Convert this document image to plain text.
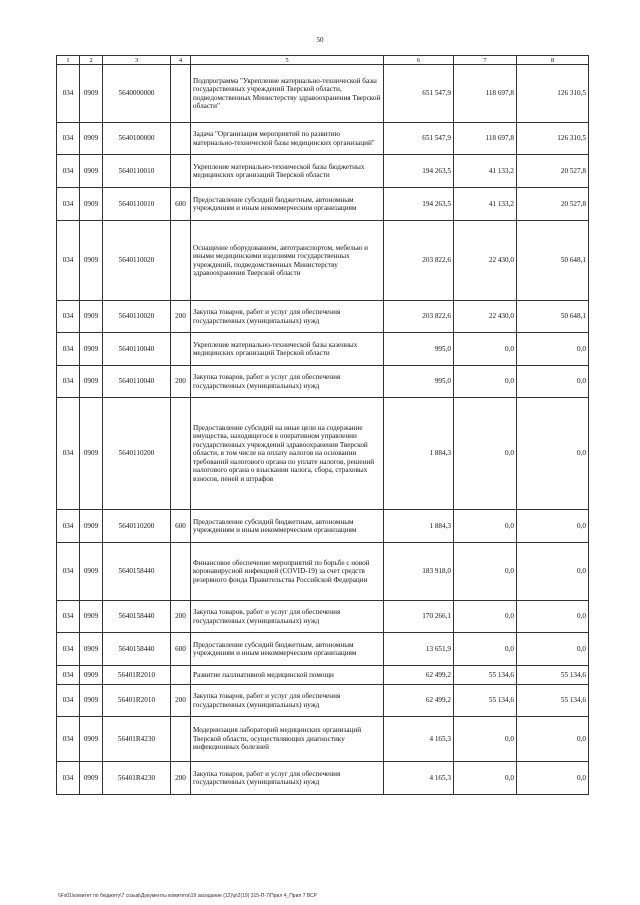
50
1	2	3	4	5	6	7	8
034	0909	5640000000		Подпрограмма "Укрепление материально-технической базы государственных учреждений Тверской области, подведомственных Министерству здравоохранения Тверской области"	651 547,9	118 697,8	126 310,5
034	0909	5640100000		Задача "Организация мероприятий по развитию материально-технической базы медицинских организаций"	651 547,9	118 697,8	126 310,5
034	0909	5640110010		Укрепление материально-технической базы бюджетных медицинских организаций Тверской области	194 263,5	41 133,2	20 527,8
034	0909	5640110010	600	Предоставление субсидий бюджетным, автономным учреждениям и иным некоммерческим организациям	194 263,5	41 133,2	20 527,8
034	0909	5640110020		Оснащение оборудованием, автотранспортом, мебелью и иными медицинскими изделиями государственных учреждений, подведомственных Министерству здравоохранения Тверской области	203 822,6	22 430,0	50 648,1
034	0909	5640110020	200	Закупка товаров, работ и услуг для обеспечения государственных (муниципальных) нужд	203 822,6	22 430,0	50 648,1
034	0909	5640110040		Укрепление материально-технической базы казенных медицинских организаций Тверской области	995,0	0,0	0,0
034	0909	5640110040	200	Закупка товаров, работ и услуг для обеспечения государственных (муниципальных) нужд	995,0	0,0	0,0
034	0909	5640110200		Предоставление субсидий на иные цели на содержание имущества, находящегося в оперативном управлении государственных учреждений здравоохранения Тверской области, в том числе на оплату налогов на основании требований налогового органа по уплате налогов, решений налогового органа о взыскании налога, сбора, страховых взносов, пеней и штрафов	1 884,3	0,0	0,0
034	0909	5640110200	600	Предоставление субсидий бюджетным, автономным учреждениям и иным некоммерческим организациям	1 884,3	0,0	0,0
034	0909	5640158440		Финансовое обеспечение мероприятий по борьбе с новой коронавирусной инфекцией (COVID-19) за счет средств резервного фонда Правительства Российской Федерации	183 918,0	0,0	0,0
034	0909	5640158440	200	Закупка товаров, работ и услуг для обеспечения государственных (муниципальных) нужд	170 266,1	0,0	0,0
034	0909	5640158440	600	Предоставление субсидий бюджетным, автономным учреждениям и иным некоммерческим организациям	13 651,9	0,0	0,0
034	0909	56401R2010		Развитие паллиативной медицинской помощи	62 499,2	55 134,6	55 134,6
034	0909	56401R2010	200	Закупка товаров, работ и услуг для обеспечения государственных (муниципальных) нужд	62 499,2	55 134,6	55 134,6
034	0909	56401R4230		Модернизация лабораторий медицинских организаций Тверской области, осуществляющих диагностику инфекционных болезней	4 165,3	0,0	0,0
034	0909	56401R4230	200	Закупка товаров, работ и услуг для обеспечения государственных (муниципальных) нужд	4 165,3	0,0	0,0
\\Fs01\комитет по бюджету\7 созыв\Документы комитета\19 заседание (12)\р\2(19) 315-П-7\Прил 4_Прил 7 ВСР
